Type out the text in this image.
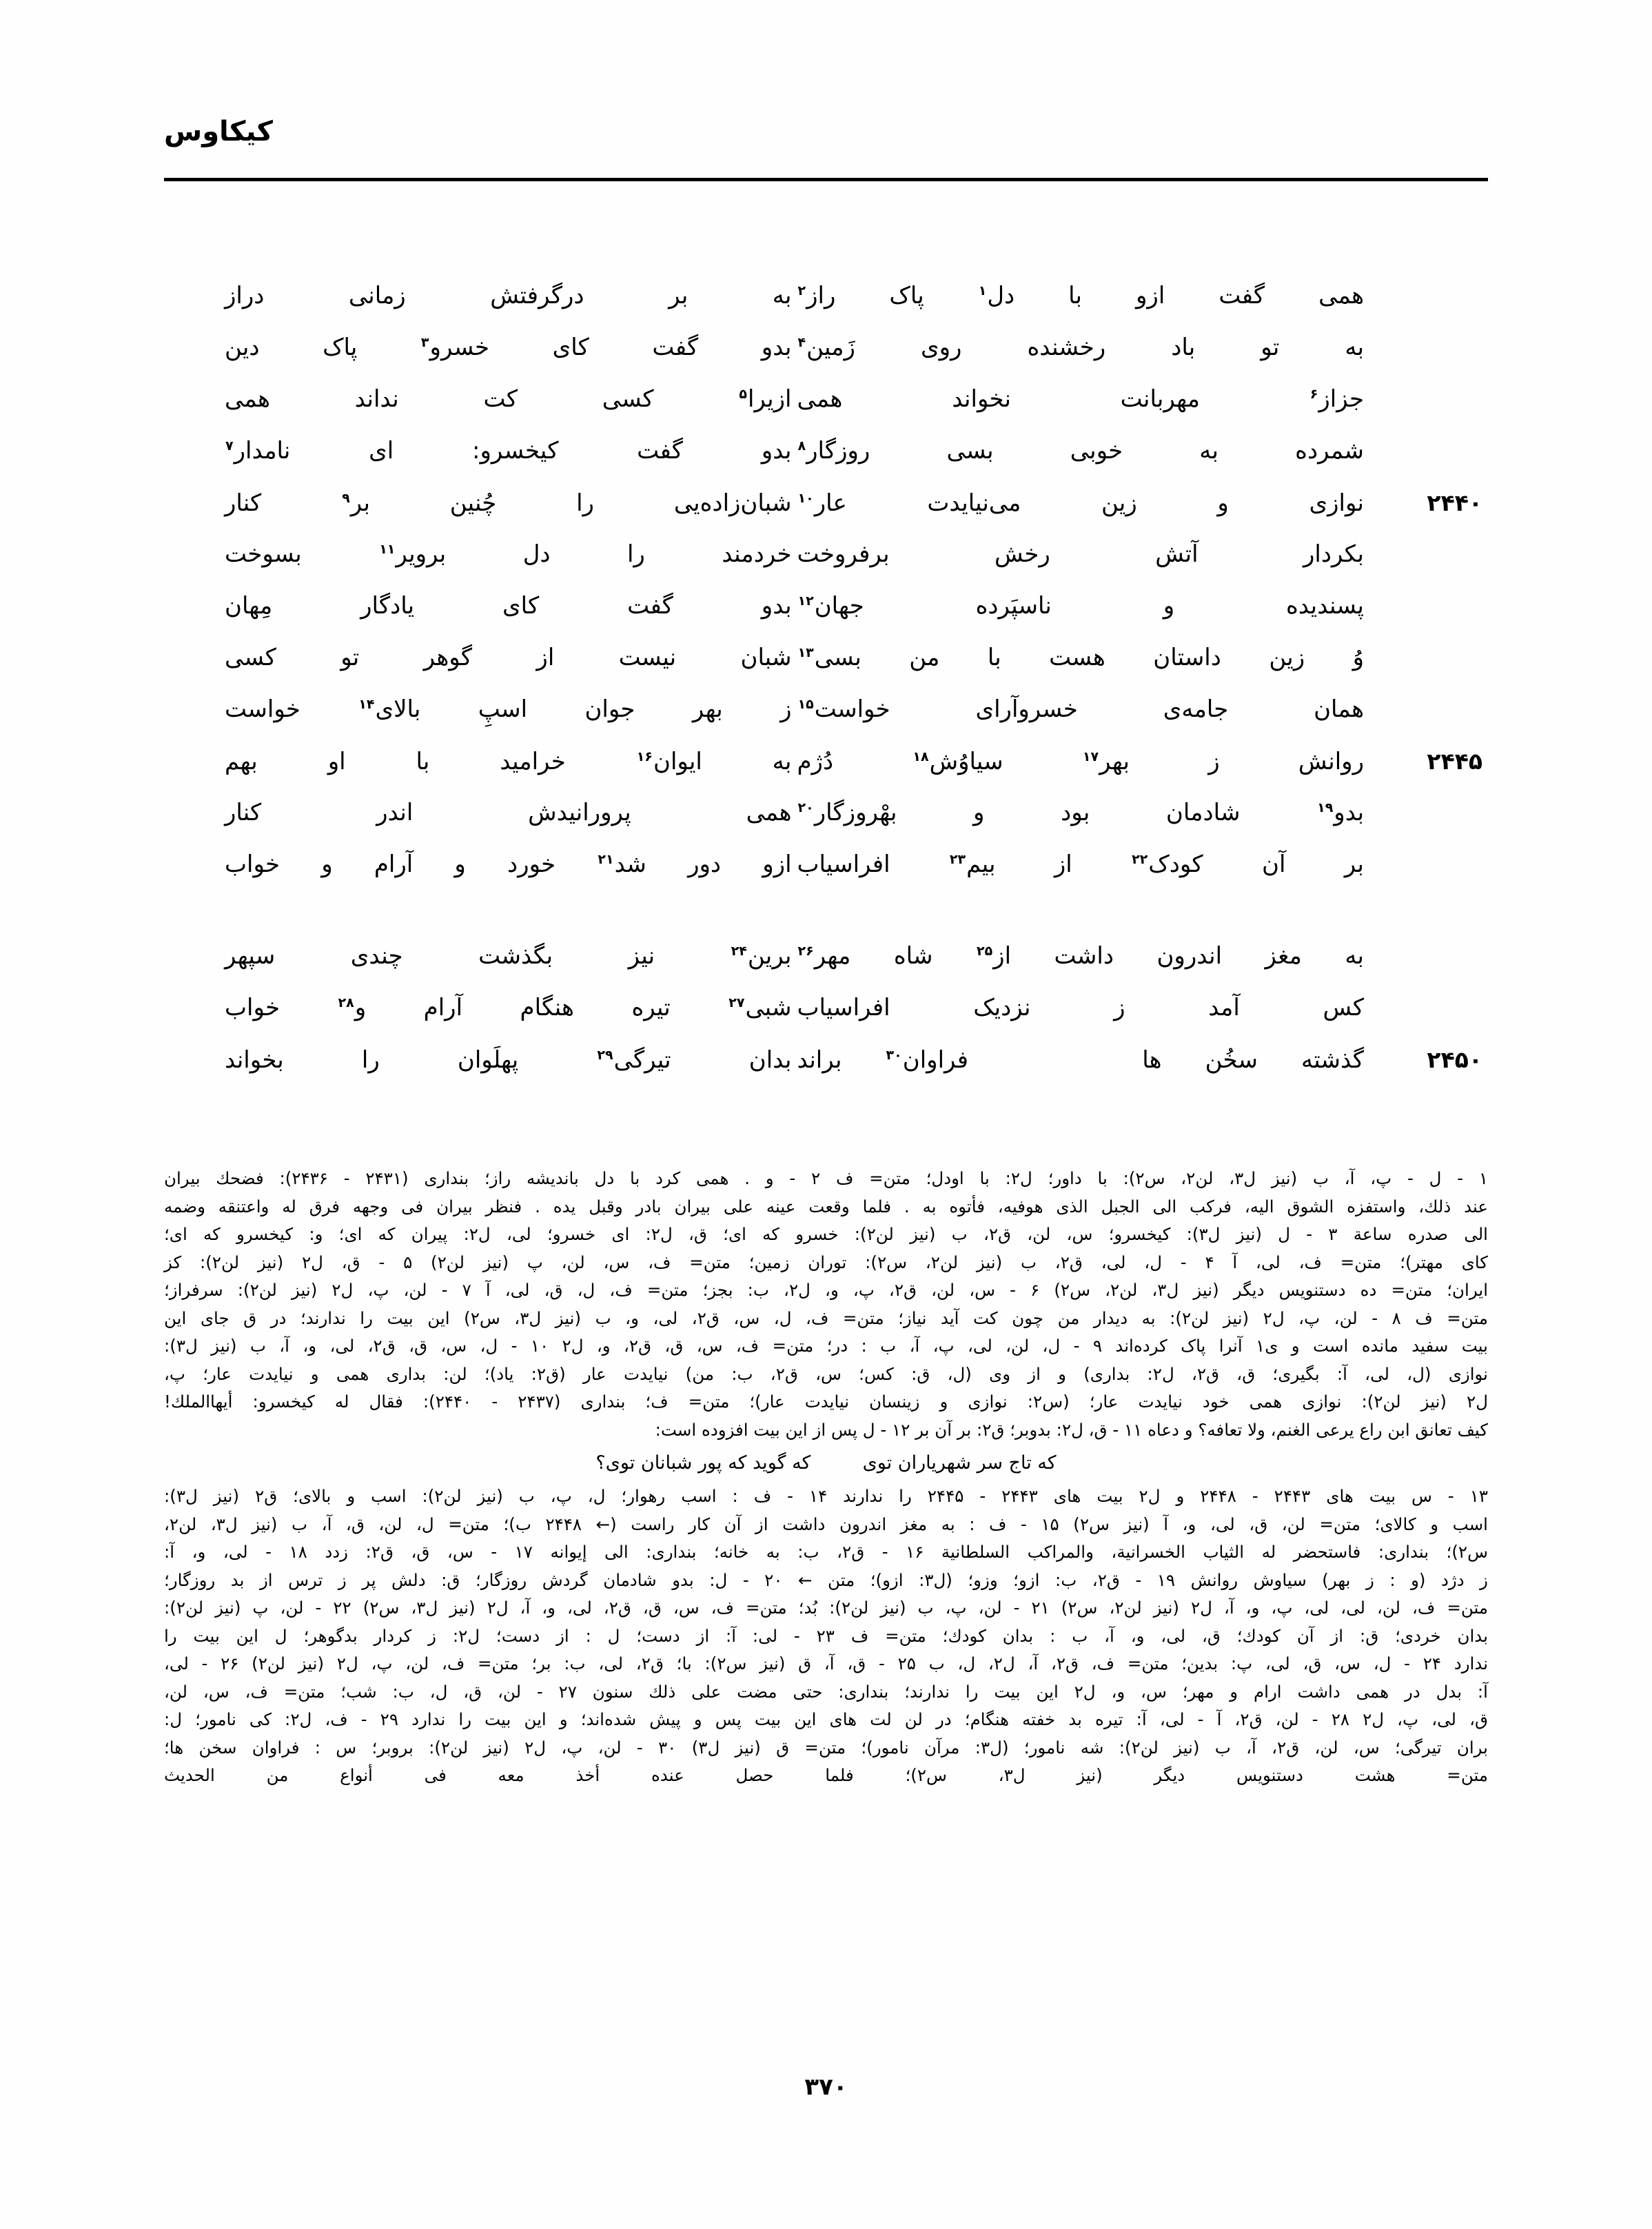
کیکاوس
همی گفت ازو با دل$^۱$ پاک راز$^۲$
به بر درگرفتش زمانی دراز
به تو باد رخشنده روی زَمین$^۴$
بدو گفت کای خسرو$^۳$ پاک دین
جزاز$^۶$ مهربانت نخواند همی
ازیرا$^۵$ کسی کت نداند همی
شمرده به خوبی بسی روزگار$^۸$
بدو گفت کیخسرو: ای نامدار$^۷$
۲۴۴۰
نوازی و زین می‌نیایدت عار$^{۱۰}$
شبان‌زاده‌یی را چُنین بر$^۹$ کنار
بکردار آتش رخش برفروخت
خردمند را دل برویر$^{۱۱}$ بسوخت
پسندیده و ناسپَرده جهان$^{۱۲}$
بدو گفت کای یادگار مِهان
وُ زین داستان هست با من بسی$^{۱۳}$
شبان نیست از گوهر تو کسی
همان جامه‌ی خسروآرای خواست$^{۱۵}$
ز بهر جوان اسپِ بالای$^{۱۴}$ خواست
۲۴۴۵
روانش ز بهر$^{۱۷}$ سیاوُش$^{۱۸}$ دُژم
به ایوان$^{۱۶}$ خرامید با او بهم
بدو$^{۱۹}$ شادمان بود و بهْروزگار$^{۲۰}$
همی پرورانیدش اندر کنار
بر آن کودک$^{۲۲}$ از بیم$^{۲۳}$ افراسیاب
ازو دور شد$^{۲۱}$ خورد و آرام و خواب
به مغز اندرون داشت از$^{۲۵}$ شاه مهر$^{۲۶}$
برین$^{۲۴}$ نیز بگذشت چندی سپهر
کس آمد ز نزدیک افراسیاب
شبی$^{۲۷}$ تیره هنگام آرام و$^{۲۸}$ خواب
۲۴۵۰
گذشته سخُن ها    فراوان$^{۳۰}$ براند
بدان تیرگی$^{۲۹}$ پهلَوان را بخواند
۱ - ل - پ، آ، ب (نیز ل۳، لن۲، س۲): با داور؛ ل۲: با اودل؛ متن= ف ۲ - و . همی کرد با دل باندیشه راز؛ بنداری (۲۴۳۱ - ۲۴۳۶): فضحك بیران
عند ذلك، واستفزه الشوق الیه، فركب الی الجبل الذی هوفیه، فأتوه به . فلما وقعت عینه علی بیران بادر وقبل یده . فنظر بیران فی وجهه فرق له واعتنقه وضمه
الی صدره ساعة ۳ - ل (نیز ل۳): کیخسرو؛ س، لن، ق۲، ب (نیز لن۲): خسرو که ای؛ ق، ل۲: ای خسرو؛ لی، ل۲: پیران که ای؛ و: کیخسرو که ای؛
کای مهتر)؛ متن= ف، لی، آ ۴ - ل، لی، ق۲، ب (نیز لن۲، س۲): توران زمین؛ متن= ف، س، لن، پ (نیز لن۲) ۵ - ق، ل۲ (نیز لن۲): کز
ایران؛ متن= ده دستنویس دیگر (نیز ل۳، لن۲، س۲) ۶ - س، لن، ق۲، پ، و، ل۲، ب: بجز؛ متن= ف، ل، ق، لی، آ ۷ - لن، پ، ل۲ (نیز لن۲): سرفراز؛
متن= ف ۸ - لن، پ، ل۲ (نیز لن۲): به دیدار من چون کت آید نیاز؛ متن= ف، ل، س، ق۲، لی، و، ب (نیز ل۳، س۲) این بیت را ندارند؛ در ق جای این
بیت سفید مانده است و ی۱ آنرا پاک کرده‌اند ۹ - ل، لن، لی، پ، آ، ب : در؛ متن= ف، س، ق، ق۲، و، ل۲ ۱۰ - ل، س، ق، ق۲، لی، و، آ، ب (نیز ل۳):
نوازی (ل، لی، آ: بگیری؛ ق، ق۲، ل۲: بداری) و از وی (ل، ق: کس؛ س، ق۲، ب: من) نیایدت عار (ق۲: یاد)؛ لن: بداری همی و نیایدت عار؛ پ،
ل۲ (نیز لن۲): نوازی همی خود نیایدت عار؛ (س۲: نوازی و زینسان نیایدت عار)؛ متن= ف؛ بنداری (۲۴۳۷ - ۲۴۴۰): فقال له کیخسرو: أیهاالملك!
کیف تعانق ابن راع یرعی الغنم، ولا تعافه؟ و دعاه ۱۱ - ق، ل۲: بدوبر؛ ق۲: بر آن بر ۱۲ - ل پس از این بیت افزوده است:
که تاج سر شهریاران توی  که گوید که پور شبانان توی؟
۱۳ - س بیت های ۲۴۴۳ - ۲۴۴۸ و ل۲ بیت های ۲۴۴۳ - ۲۴۴۵ را ندارند ۱۴ - ف : اسب رهوار؛ ل، پ، ب (نیز لن۲): اسب و بالای؛ ق۲ (نیز ل۳):
اسب و کالای؛ متن= لن، ق، لی، و، آ (نیز س۲) ۱۵ - ف : به مغز اندرون داشت از آن کار راست (← ۲۴۴۸ ب)؛ متن= ل، لن، ق، آ، ب (نیز ل۳، لن۲،
س۲)؛ بنداری: فاستحضر له الثیاب الخسرانیة، والمراکب السلطانیة ۱۶ - ق۲، ب: به خانه؛ بنداری: الی إیوانه ۱۷ - س، ق، ق۲: زدد ۱۸ - لی، و، آ:
ز دژد (و : ز بهر) سیاوش روانش ۱۹ - ق۲، ب: ازو؛ وزو؛ (ل۳: ازو)؛ متن ← ۲۰ - ل: بدو شادمان گردش روزگار؛ ق: دلش پر ز ترس از بد روزگار؛
متن= ف، لن، لی، لی، پ، و، آ، ل۲ (نیز لن۲، س۲) ۲۱ - لن، پ، ب (نیز لن۲): بُد؛ متن= ف، س، ق، ق۲، لی، و، آ، ل۲ (نیز ل۳، س۲) ۲۲ - لن، پ (نیز لن۲):
بدان خردی؛ ق: از آن کودك؛ ق، لی، و، آ، ب : بدان کودك؛ متن= ف ۲۳ - لی: آ: از دست؛ ل : از دست؛ ل۲: ز کردار بدگوهر؛ ل این بیت را
ندارد ۲۴ - ل، س، ق، لی، پ: بدین؛ متن= ف، ق۲، آ، ل۲، ل، ب ۲۵ - ق، آ، ق (نیز س۲): با؛ ق۲، لی، ب: بر؛ متن= ف، لن، پ، ل۲ (نیز لن۲) ۲۶ - لی،
آ: بدل در همی داشت ارام و مهر؛ س، و، ل۲ این بیت را ندارند؛ بنداری: حتی مضت علی ذلك سنون ۲۷ - لن، ق، ل، ب: شب؛ متن= ف، س، لن،
ق، لی، پ، ل۲ ۲۸ - لن، ق۲، آ - لی، آ: تیره بد خفته هنگام؛ در لن لت های این بیت پس و پیش شده‌اند؛ و این بیت را ندارد ۲۹ - ف، ل۲: کی نامور؛ ل:
بران تیرگی؛ س، لن، ق۲، آ، ب (نیز لن۲): شه نامور؛ (ل۳: مرآن نامور)؛ متن= ق (نیز ل۳) ۳۰ - لن، پ، ل۲ (نیز لن۲): بروبر؛ س : فراوان سخن ها؛
متن= هشت دستنویس دیگر (نیز ل۳، س۲)؛ فلما حصل عنده أخذ معه فی أنواع من الحدیث
۳۷۰
